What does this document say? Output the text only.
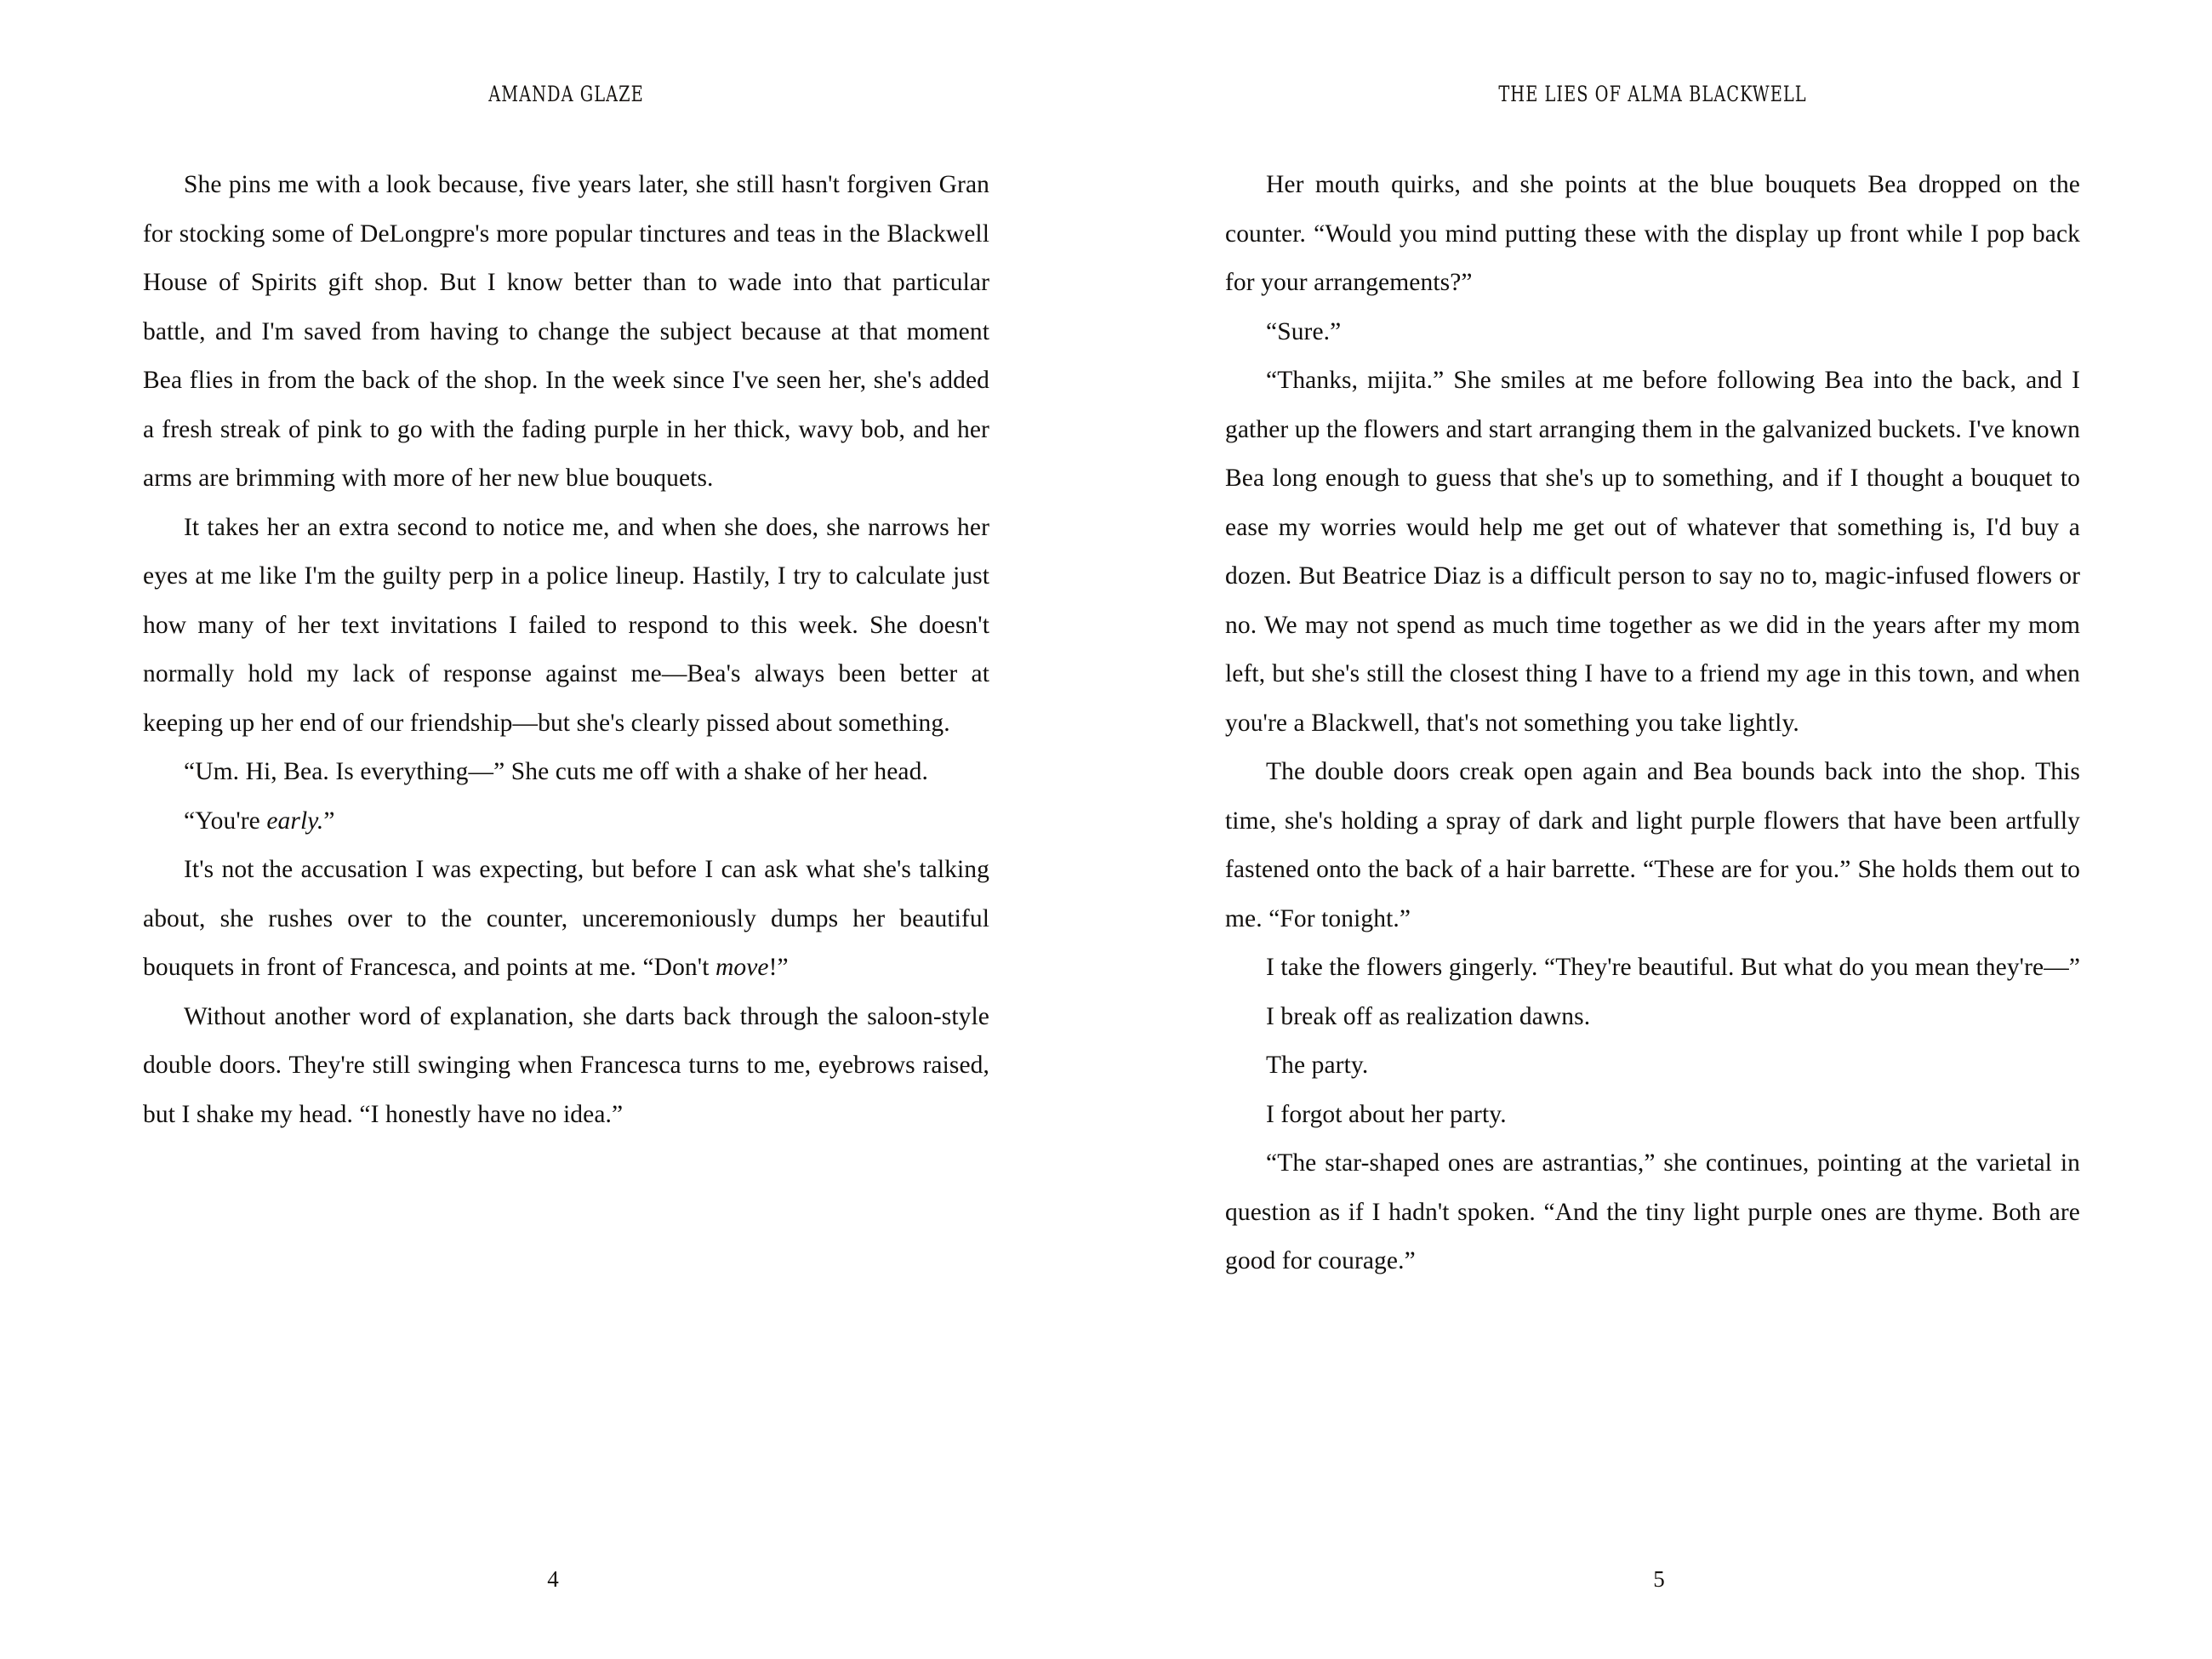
AMANDA GLAZE

She pins me with a look because, five years later, she still hasn't forgiven Gran for stocking some of DeLongpre's more popular tinctures and teas in the Blackwell House of Spirits gift shop. But I know better than to wade into that particular battle, and I'm saved from having to change the subject because at that moment Bea flies in from the back of the shop. In the week since I've seen her, she's added a fresh streak of pink to go with the fading purple in her thick, wavy bob, and her arms are brimming with more of her new blue bouquets.

It takes her an extra second to notice me, and when she does, she narrows her eyes at me like I'm the guilty perp in a police lineup. Hastily, I try to calculate just how many of her text invitations I failed to respond to this week. She doesn't normally hold my lack of response against me—Bea's always been better at keeping up her end of our friendship—but she's clearly pissed about something.

“Um. Hi, Bea. Is everything—” She cuts me off with a shake of her head.

“You're early.”

It's not the accusation I was expecting, but before I can ask what she's talking about, she rushes over to the counter, unceremoniously dumps her beautiful bouquets in front of Francesca, and points at me. “Don't move!”

Without another word of explanation, she darts back through the saloon-style double doors. They're still swinging when Francesca turns to me, eyebrows raised, but I shake my head. “I honestly have no idea.”

4
THE LIES OF ALMA BLACKWELL

Her mouth quirks, and she points at the blue bouquets Bea dropped on the counter. “Would you mind putting these with the display up front while I pop back for your arrangements?”

“Sure.”

“Thanks, mijita.” She smiles at me before following Bea into the back, and I gather up the flowers and start arranging them in the galvanized buckets. I've known Bea long enough to guess that she's up to something, and if I thought a bouquet to ease my worries would help me get out of whatever that something is, I'd buy a dozen. But Beatrice Diaz is a difficult person to say no to, magic-infused flowers or no. We may not spend as much time together as we did in the years after my mom left, but she's still the closest thing I have to a friend my age in this town, and when you're a Blackwell, that's not something you take lightly.

The double doors creak open again and Bea bounds back into the shop. This time, she's holding a spray of dark and light purple flowers that have been artfully fastened onto the back of a hair barrette. “These are for you.” She holds them out to me. “For tonight.”

I take the flowers gingerly. “They're beautiful. But what do you mean they're—”

I break off as realization dawns.

The party.

I forgot about her party.

“The star-shaped ones are astrantias,” she continues, pointing at the varietal in question as if I hadn't spoken. “And the tiny light purple ones are thyme. Both are good for courage.”

5
